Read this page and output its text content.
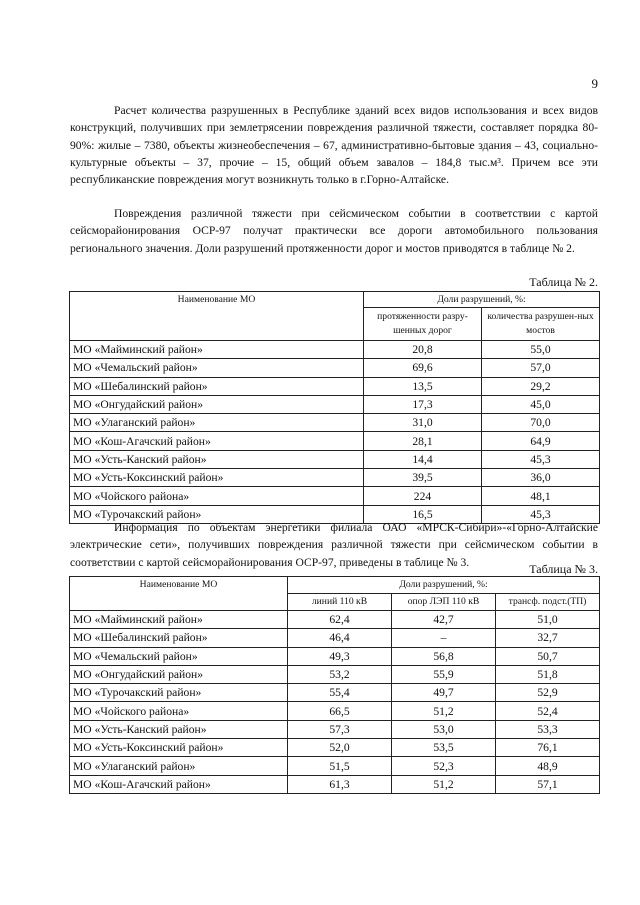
9

Расчет количества разрушенных в Республике зданий всех видов использования и всех видов конструкций, получивших при землетрясении повреждения различной тяжести, составляет порядка 80-90%: жилые – 7380, объекты жизнеобеспечения – 67, административно-бытовые здания – 43, социально-культурные объекты – 37, прочие – 15, общий объем завалов – 184,8 тыс.м³. Причем все эти республиканские повреждения могут возникнуть только в г.Горно-Алтайске.

Повреждения различной тяжести при сейсмическом событии в соответствии с картой сейсморайонирования ОСР-97 получат практически все дороги автомобильного пользования регионального значения. Доли разрушений протяженности дорог и мостов приводятся в таблице № 2.

Таблица № 2.
Наименование МО	Доли разрушений, %:	
	протяженности разру-шенных дорог	количества разрушен-ных мостов
МО «Майминский район»	20,8	55,0
МО «Чемальский район»	69,6	57,0
МО «Шебалинский район»	13,5	29,2
МО «Онгудайский район»	17,3	45,0
МО «Улаганский район»	31,0	70,0
МО «Кош-Агачский район»	28,1	64,9
МО «Усть-Канский район»	14,4	45,3
МО «Усть-Коксинский район»	39,5	36,0
МО «Чойского района»	224	48,1
МО «Турочакский район»	16,5	45,3

Информация по объектам энергетики филиала ОАО «МРСК-Сибири»-«Горно-Алтайские электрические сети», получивших повреждения различной тяжести при сейсмическом событии в соответствии с картой сейсморайонирования ОСР-97, приведены в таблице № 3.	Таблица № 3.
Наименование МО	Доли разрушений, %:		
	линий 110 кВ	опор ЛЭП 110 кВ	трансф. подст.(ТП)
МО «Майминский район»	62,4	42,7	51,0
МО «Шебалинский район»	46,4	–	32,7
МО «Чемальский район»	49,3	56,8	50,7
МО «Онгудайский район»	53,2	55,9	51,8
МО «Турочакский район»	55,4	49,7	52,9
МО «Чойского района»	66,5	51,2	52,4
МО «Усть-Канский район»	57,3	53,0	53,3
МО «Усть-Коксинский район»	52,0	53,5	76,1
МО «Улаганский район»	51,5	52,3	48,9
МО «Кош-Агачский район»	61,3	51,2	57,1
